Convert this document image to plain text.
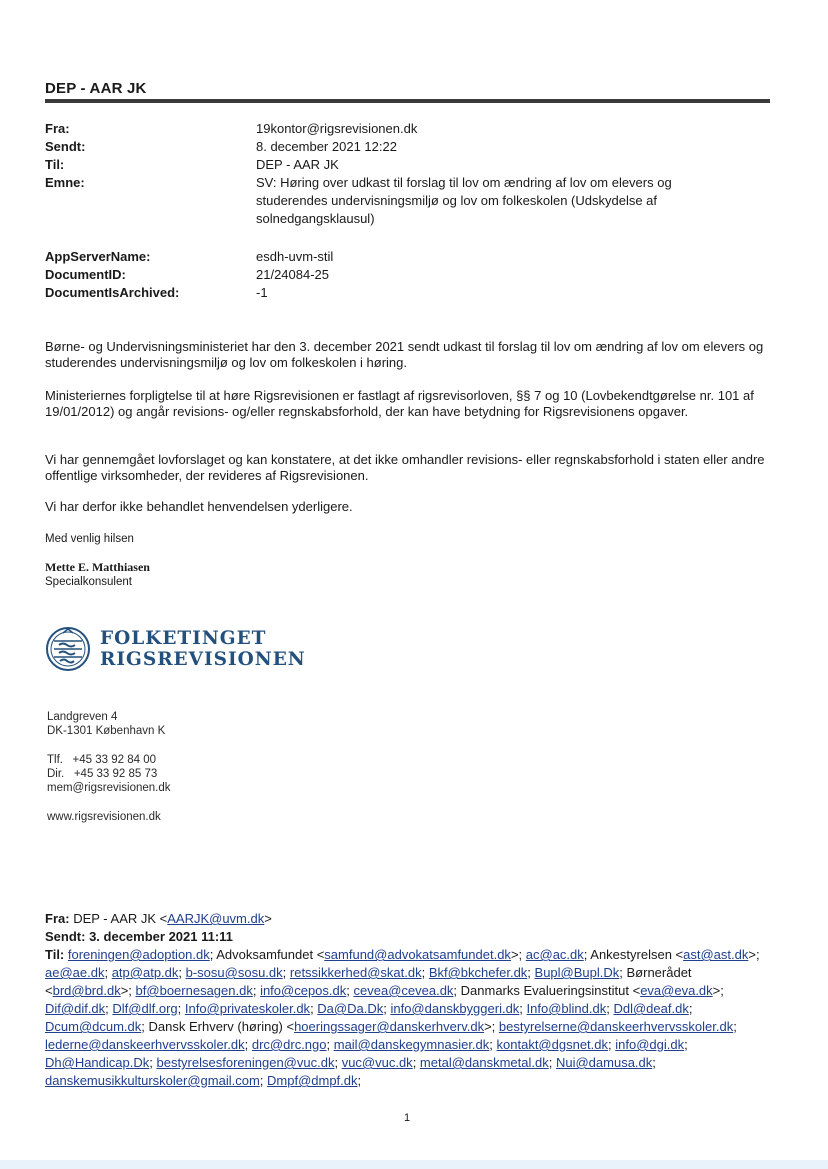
DEP - AAR JK
Fra:	19kontor@rigsrevisionen.dk
Sendt:	8. december 2021 12:22
Til:	DEP - AAR JK
Emne:	SV: Høring over udkast til forslag til lov om ændring af lov om elevers og studerendes undervisningsmiljø og lov om folkeskolen (Udskydelse af solnedgangsklausul)
AppServerName:	esdh-uvm-stil
DocumentID:	21/24084-25
DocumentIsArchived:	-1
Børne- og Undervisningsministeriet har den 3. december 2021 sendt udkast til forslag til lov om ændring af lov om elevers og studerendes undervisningsmiljø og lov om folkeskolen i høring.
Ministeriernes forpligtelse til at høre Rigsrevisionen er fastlagt af rigsrevisorloven, §§ 7 og 10 (Lovbekendtgørelse nr. 101 af 19/01/2012) og angår revisions- og/eller regnskabsforhold, der kan have betydning for Rigsrevisionens opgaver.
Vi har gennemgået lovforslaget og kan konstatere, at det ikke omhandler revisions- eller regnskabsforhold i staten eller andre offentlige virksomheder, der revideres af Rigsrevisionen.
Vi har derfor ikke behandlet henvendelsen yderligere.
Med venlig hilsen
Mette E. Matthiasen
Specialkonsulent
FOLKETINGET
RIGSREVISIONEN
Landgreven 4
DK-1301 København K
Tlf.   +45 33 92 84 00
Dir.   +45 33 92 85 73
mem@rigsrevisionen.dk
www.rigsrevisionen.dk
Fra: DEP - AAR JK <AARJK@uvm.dk>
Sendt: 3. december 2021 11:11
Til: foreningen@adoption.dk; Advoksamfundet <samfund@advokatsamfundet.dk>; ac@ac.dk; Ankestyrelsen <ast@ast.dk>; ae@ae.dk; atp@atp.dk; b-sosu@sosu.dk; retssikkerhed@skat.dk; Bkf@bkchefer.dk; Bupl@Bupl.Dk; Børnerådet <brd@brd.dk>; bf@boernesagen.dk; info@cepos.dk; cevea@cevea.dk; Danmarks Evalueringsinstitut <eva@eva.dk>; Dif@dif.dk; Dlf@dlf.org; Info@privateskoler.dk; Da@Da.Dk; info@danskbyggeri.dk; Info@blind.dk; Ddl@deaf.dk; Dcum@dcum.dk; Dansk Erhverv (høring) <hoeringssager@danskerhverv.dk>; bestyrelserne@danskeerhvervsskoler.dk; lederne@danskeerhvervsskoler.dk; drc@drc.ngo; mail@danskegymnasier.dk; kontakt@dgsnet.dk; info@dgi.dk; Dh@Handicap.Dk; bestyrelsesforeningen@vuc.dk; vuc@vuc.dk; metal@danskmetal.dk; Nui@damusa.dk; danskemusikkulturskoler@gmail.com; Dmpf@dmpf.dk;
1
